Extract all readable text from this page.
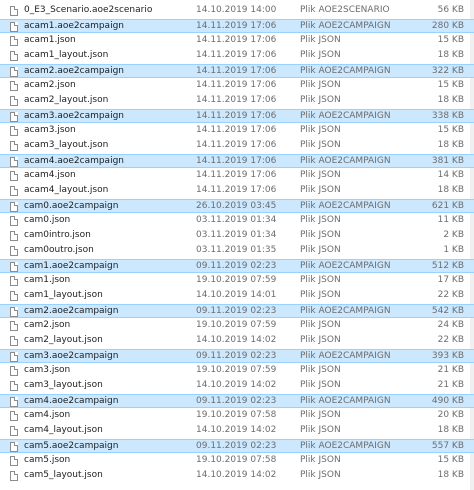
0_E3_Scenario.aoe2scenario	14.10.2019 14:00	Plik AOE2SCENARIO	56 KB
acam1.aoe2campaign	14.11.2019 17:06	Plik AOE2CAMPAIGN	280 KB
acam1.json	14.11.2019 17:06	Plik JSON	15 KB
acam1_layout.json	14.11.2019 17:06	Plik JSON	18 KB
acam2.aoe2campaign	14.11.2019 17:06	Plik AOE2CAMPAIGN	322 KB
acam2.json	14.11.2019 17:06	Plik JSON	15 KB
acam2_layout.json	14.11.2019 17:06	Plik JSON	18 KB
acam3.aoe2campaign	14.11.2019 17:06	Plik AOE2CAMPAIGN	338 KB
acam3.json	14.11.2019 17:06	Plik JSON	15 KB
acam3_layout.json	14.11.2019 17:06	Plik JSON	18 KB
acam4.aoe2campaign	14.11.2019 17:06	Plik AOE2CAMPAIGN	381 KB
acam4.json	14.11.2019 17:06	Plik JSON	14 KB
acam4_layout.json	14.11.2019 17:06	Plik JSON	18 KB
cam0.aoe2campaign	26.10.2019 03:45	Plik AOE2CAMPAIGN	621 KB
cam0.json	03.11.2019 01:34	Plik JSON	11 KB
cam0intro.json	03.11.2019 01:34	Plik JSON	2 KB
cam0outro.json	03.11.2019 01:35	Plik JSON	1 KB
cam1.aoe2campaign	09.11.2019 02:23	Plik AOE2CAMPAIGN	512 KB
cam1.json	19.10.2019 07:59	Plik JSON	17 KB
cam1_layout.json	14.10.2019 14:01	Plik JSON	22 KB
cam2.aoe2campaign	09.11.2019 02:23	Plik AOE2CAMPAIGN	542 KB
cam2.json	19.10.2019 07:59	Plik JSON	24 KB
cam2_layout.json	14.10.2019 14:02	Plik JSON	22 KB
cam3.aoe2campaign	09.11.2019 02:23	Plik AOE2CAMPAIGN	393 KB
cam3.json	19.10.2019 07:59	Plik JSON	21 KB
cam3_layout.json	14.10.2019 14:02	Plik JSON	21 KB
cam4.aoe2campaign	09.11.2019 02:23	Plik AOE2CAMPAIGN	490 KB
cam4.json	19.10.2019 07:58	Plik JSON	20 KB
cam4_layout.json	14.10.2019 14:02	Plik JSON	18 KB
cam5.aoe2campaign	09.11.2019 02:23	Plik AOE2CAMPAIGN	557 KB
cam5.json	19.10.2019 07:58	Plik JSON	15 KB
cam5_layout.json	14.10.2019 14:02	Plik JSON	18 KB
